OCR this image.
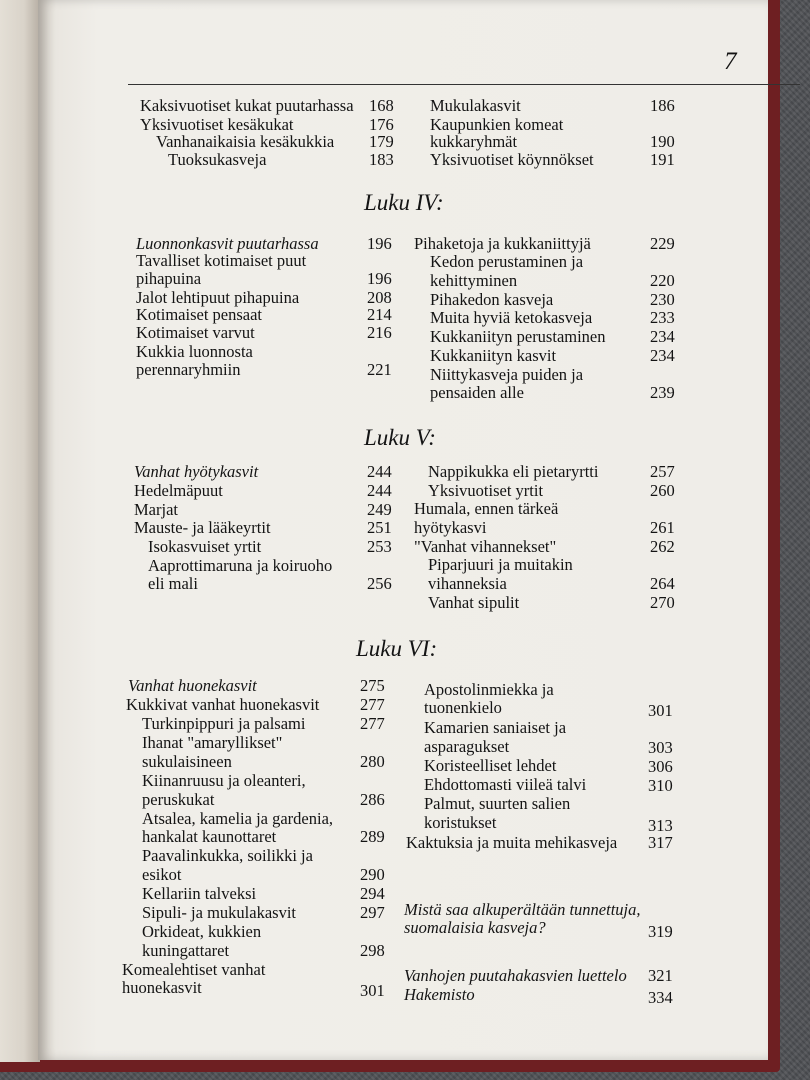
7
Kaksivuotiset kukat puutarhassa 168
Yksivuotiset kesäkukat	176
Vanhanaikaisia kesäkukkia 179
Tuoksukasveja	183
Mukulakasvit	186
Kaupunkien komeat
kukkaryhmät	190
Yksivuotiset köynnökset	191
Luku IV:
Luonnonkasvit puutarhassa	196
Tavalliset kotimaiset puut
pihapuina	196
Jalot lehtipuut pihapuina	208
Kotimaiset pensaat	214
Kotimaiset varvut	216
Kukkia luonnosta
perennaryhmiin	221
Pihaketoja ja kukkaniittyjä	229
Kedon perustaminen ja
kehittyminen	220
Pihakedon kasveja	230
Muita hyviä ketokasveja	233
Kukkaniityn perustaminen	234
Kukkaniityn kasvit	234
Niittykasveja puiden ja
pensaiden alle	239
Luku V:
Vanhat hyötykasvit	244
Hedelmäpuut	244
Marjat	249
Mauste- ja lääkeyrtit	251
Isokasvuiset yrtit	253
Aaprottimaruna ja koiruoho
eli mali	256
Nappikukka eli pietaryrtti	257
Yksivuotiset yrtit	260
Humala, ennen tärkeä
hyötykasvi	261
"Vanhat vihannekset"	262
Piparjuuri ja muitakin
vihanneksia	264
Vanhat sipulit	270
Luku VI:
Vanhat huonekasvit	275
Kukkivat vanhat huonekasvit 277
Turkinpippuri ja palsami	277
Ihanat "amaryllikset"
sukulaisineen	280
Kiinanruusu ja oleanteri,
peruskukat	286
Atsalea, kamelia ja gardenia,
hankalat kaunottaret	289
Paavalinkukka, soilikki ja
esikot	290
Kellariin talveksi	294
Sipuli- ja mukulakasvit	297
Orkideat, kukkien
kuningattaret	298
Komealehtiset vanhat
huonekasvit	301
Apostolinmiekka ja
tuonenkielo	301
Kamarien saniaiset ja
asparagukset	303
Koristeelliset lehdet	306
Ehdottomasti viileä talvi	310
Palmut, suurten salien
koristukset	313
Kaktuksia ja muita mehikasveja 317
Mistä saa alkuperältään tunnettuja,
suomalaisia kasveja?	319
Vanhojen puutahakasvien luettelo 321
Hakemisto	334
